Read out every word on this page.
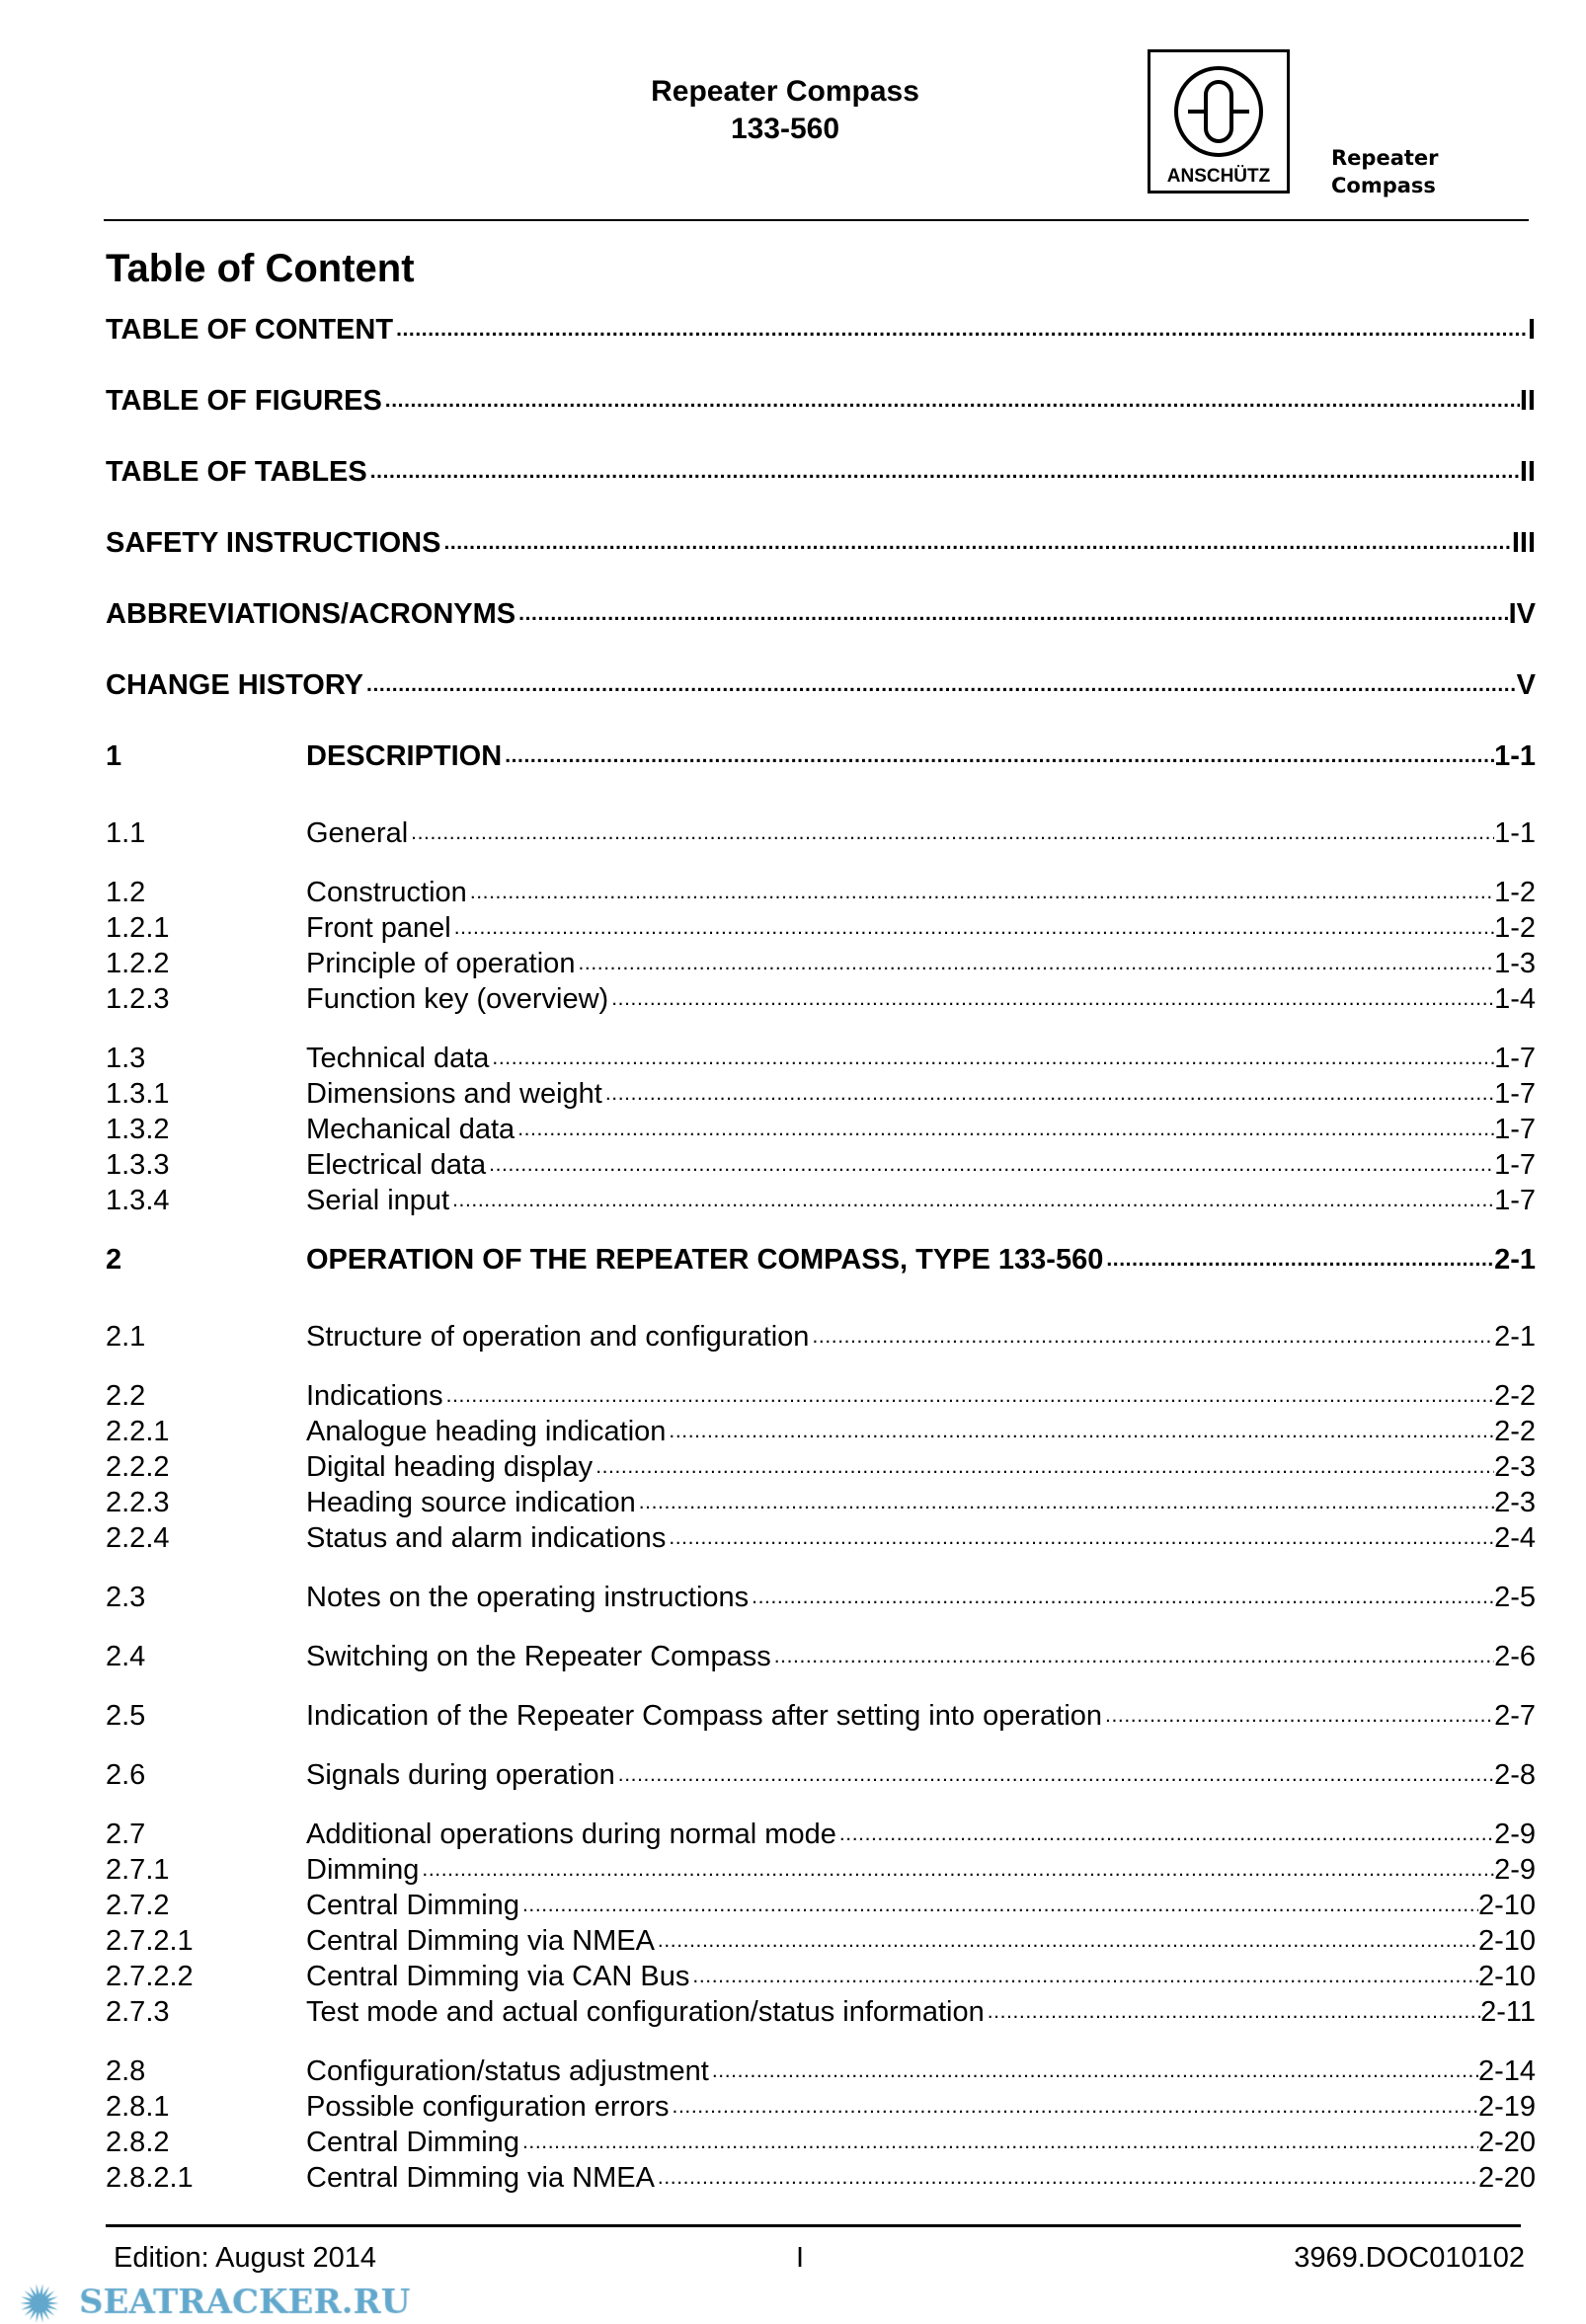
Repeater Compass
133-560
ANSCHÜTZ
Repeater
Compass
Table of Content
TABLE OF CONTENT .....	I
TABLE OF FIGURES .....	II
TABLE OF TABLES .....	II
SAFETY INSTRUCTIONS .....	III
ABBREVIATIONS/ACRONYMS .....	IV
CHANGE HISTORY .....	V
1	DESCRIPTION .....	1-1
1.1	General .....	1-1
1.2	Construction .....	1-2
1.2.1	Front panel .....	1-2
1.2.2	Principle of operation .....	1-3
1.2.3	Function key (overview) .....	1-4
1.3	Technical data .....	1-7
1.3.1	Dimensions and weight .....	1-7
1.3.2	Mechanical data .....	1-7
1.3.3	Electrical data .....	1-7
1.3.4	Serial input .....	1-7
2	OPERATION OF THE REPEATER COMPASS, TYPE 133-560 .....	2-1
2.1	Structure of operation and configuration .....	2-1
2.2	Indications .....	2-2
2.2.1	Analogue heading indication .....	2-2
2.2.2	Digital heading display .....	2-3
2.2.3	Heading source indication .....	2-3
2.2.4	Status and alarm indications .....	2-4
2.3	Notes on the operating instructions .....	2-5
2.4	Switching on the Repeater Compass .....	2-6
2.5	Indication of the Repeater Compass after setting into operation .....	2-7
2.6	Signals during operation .....	2-8
2.7	Additional operations during normal mode .....	2-9
2.7.1	Dimming .....	2-9
2.7.2	Central Dimming .....	2-10
2.7.2.1	Central Dimming via NMEA .....	2-10
2.7.2.2	Central Dimming via CAN Bus .....	2-10
2.7.3	Test mode and actual configuration/status information .....	2-11
2.8	Configuration/status adjustment .....	2-14
2.8.1	Possible configuration errors .....	2-19
2.8.2	Central Dimming .....	2-20
2.8.2.1	Central Dimming via NMEA .....	2-20
Edition: August 2014	I	3969.DOC010102
